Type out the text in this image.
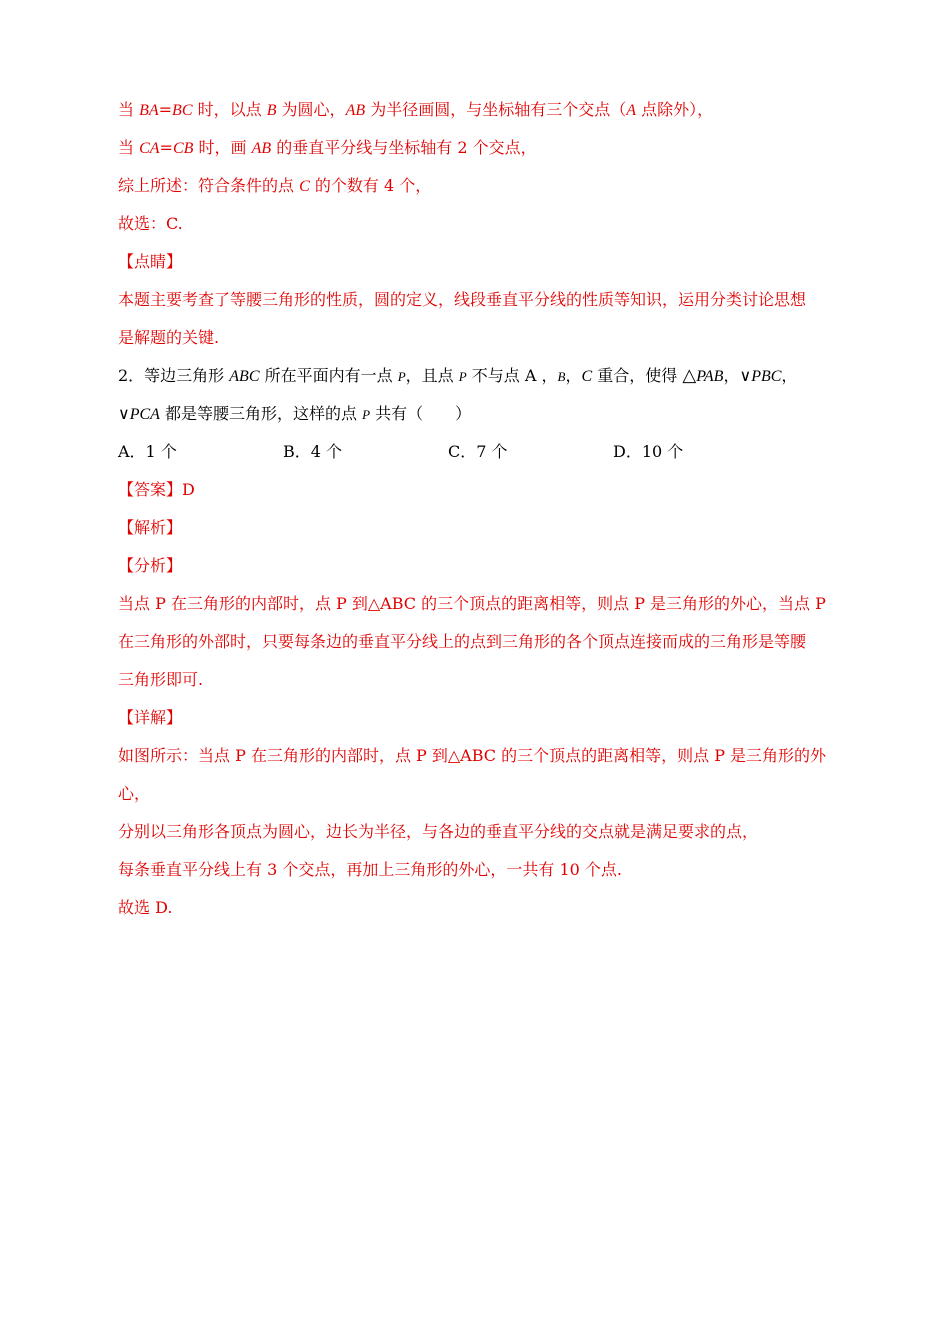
当 BA=BC 时，以点 B 为圆心，AB 为半径画圆，与坐标轴有三个交点（A 点除外），
当 CA=CB 时，画 AB 的垂直平分线与坐标轴有 2 个交点，
综上所述：符合条件的点 C 的个数有 4 个，
故选：C.
【点睛】
本题主要考查了等腰三角形的性质，圆的定义，线段垂直平分线的性质等知识，运用分类讨论思想
是解题的关键.
2．等边三角形 ABC 所在平面内有一点 P，且点 P 不与点 A ，B，C 重合，使得 △PAB，∨PBC，
∨PCA 都是等腰三角形，这样的点 P 共有（　　）
A．1 个	B．4 个	C．7 个	D．10 个
【答案】D
【解析】
【分析】
当点 P 在三角形的内部时，点 P 到△ABC 的三个顶点的距离相等，则点 P 是三角形的外心，当点 P
在三角形的外部时，只要每条边的垂直平分线上的点到三角形的各个顶点连接而成的三角形是等腰
三角形即可.
【详解】
如图所示：当点 P 在三角形的内部时，点 P 到△ABC 的三个顶点的距离相等，则点 P 是三角形的外
心，
分别以三角形各顶点为圆心，边长为半径，与各边的垂直平分线的交点就是满足要求的点，
每条垂直平分线上有 3 个交点，再加上三角形的外心，一共有 10 个点.
故选 D.
